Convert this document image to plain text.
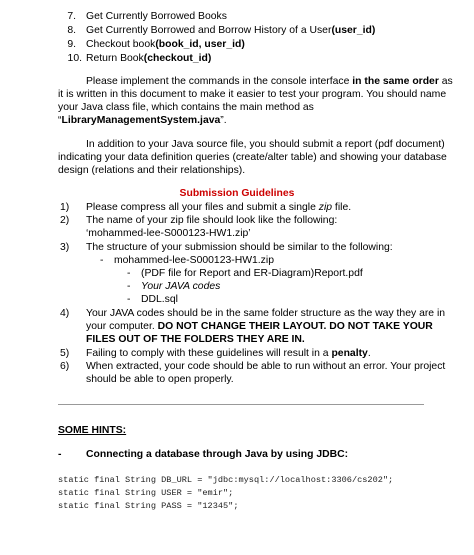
7. Get Currently Borrowed Books
8. Get Currently Borrowed and Borrow History of a User(user_id)
9. Checkout book(book_id, user_id)
10. Return Book(checkout_id)
Please implement the commands in the console interface in the same order as
it is written in this document to make it easier to test your program. You should name
your Java class file, which contains the main method as
“LibraryManagementSystem.java”.
In addition to your Java source file, you should submit a report (pdf document)
indicating your data definition queries (create/alter table) and showing your database
design (relations and their relationships).
Submission Guidelines
1) Please compress all your files and submit a single zip file.
2) The name of your zip file should look like the following:
‘mohammed-lee-S000123-HW1.zip’
3) The structure of your submission should be similar to the following:
- mohammed-lee-S000123-HW1.zip
- (PDF file for Report and ER-Diagram)Report.pdf
- Your JAVA codes
- DDL.sql
4) Your JAVA codes should be in the same folder structure as the way they are in
your computer. DO NOT CHANGE THEIR LAYOUT. DO NOT TAKE YOUR
FILES OUT OF THE FOLDERS THEY ARE IN.
5) Failing to comply with these guidelines will result in a penalty.
6) When extracted, your code should be able to run without an error. Your project
should be able to open properly.
SOME HINTS:
- Connecting a database through Java by using JDBC:
static final String DB_URL = "jdbc:mysql://localhost:3306/cs202";
static final String USER = "emir";
static final String PASS = "12345";
